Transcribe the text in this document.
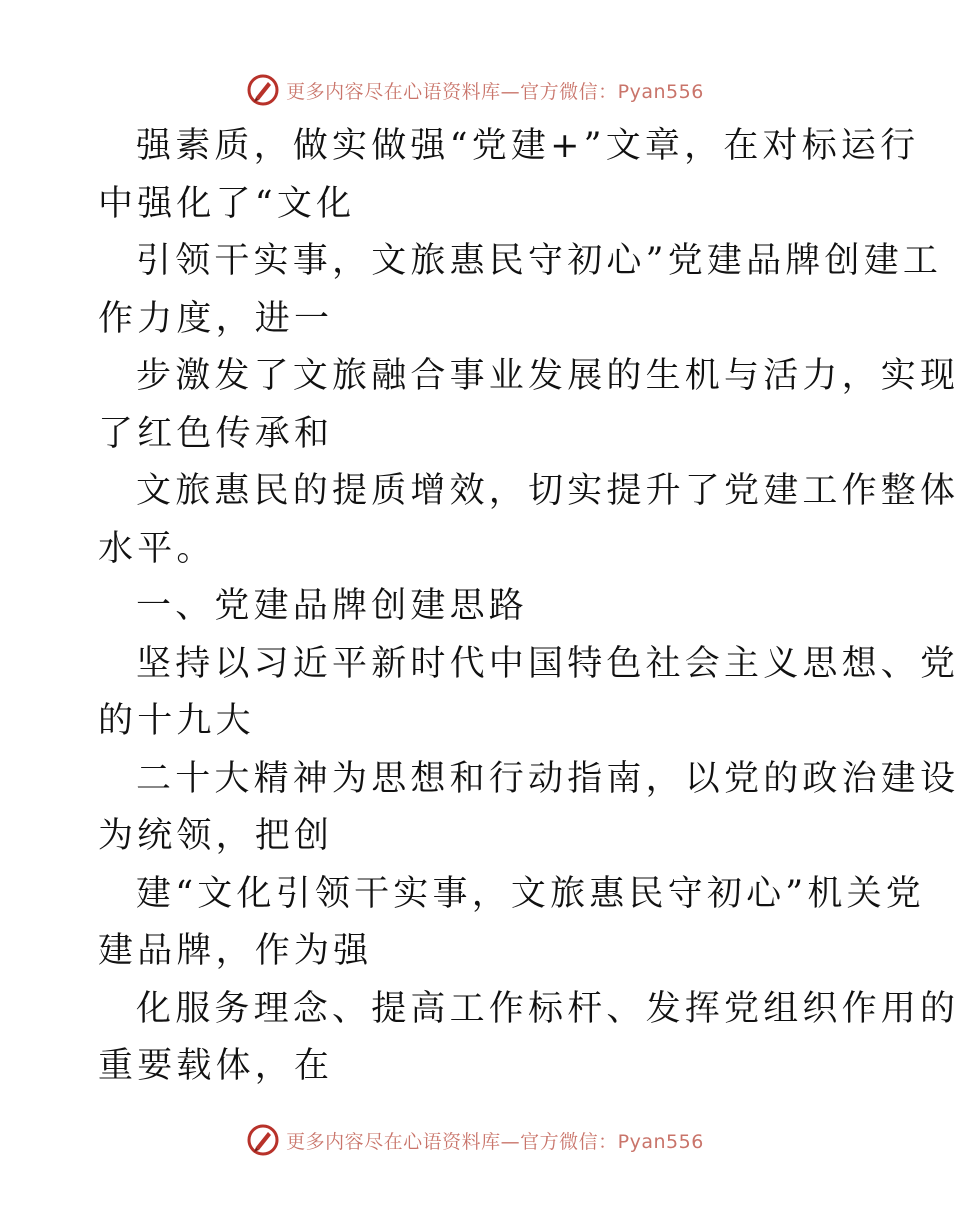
更多内容尽在心语资料库—官方微信：Pyan556

强素质，做实做强“党建+”文章，在对标运行

中强化了“文化

引领干实事，文旅惠民守初心”党建品牌创建工

作力度，进一

步激发了文旅融合事业发展的生机与活力，实现

了红色传承和

文旅惠民的提质增效，切实提升了党建工作整体

水平。

一、党建品牌创建思路

坚持以习近平新时代中国特色社会主义思想、党

的十九大

二十大精神为思想和行动指南，以党的政治建设

为统领，把创

建“文化引领干实事，文旅惠民守初心”机关党

建品牌，作为强

化服务理念、提高工作标杆、发挥党组织作用的

重要载体，在

更多内容尽在心语资料库—官方微信：Pyan556
